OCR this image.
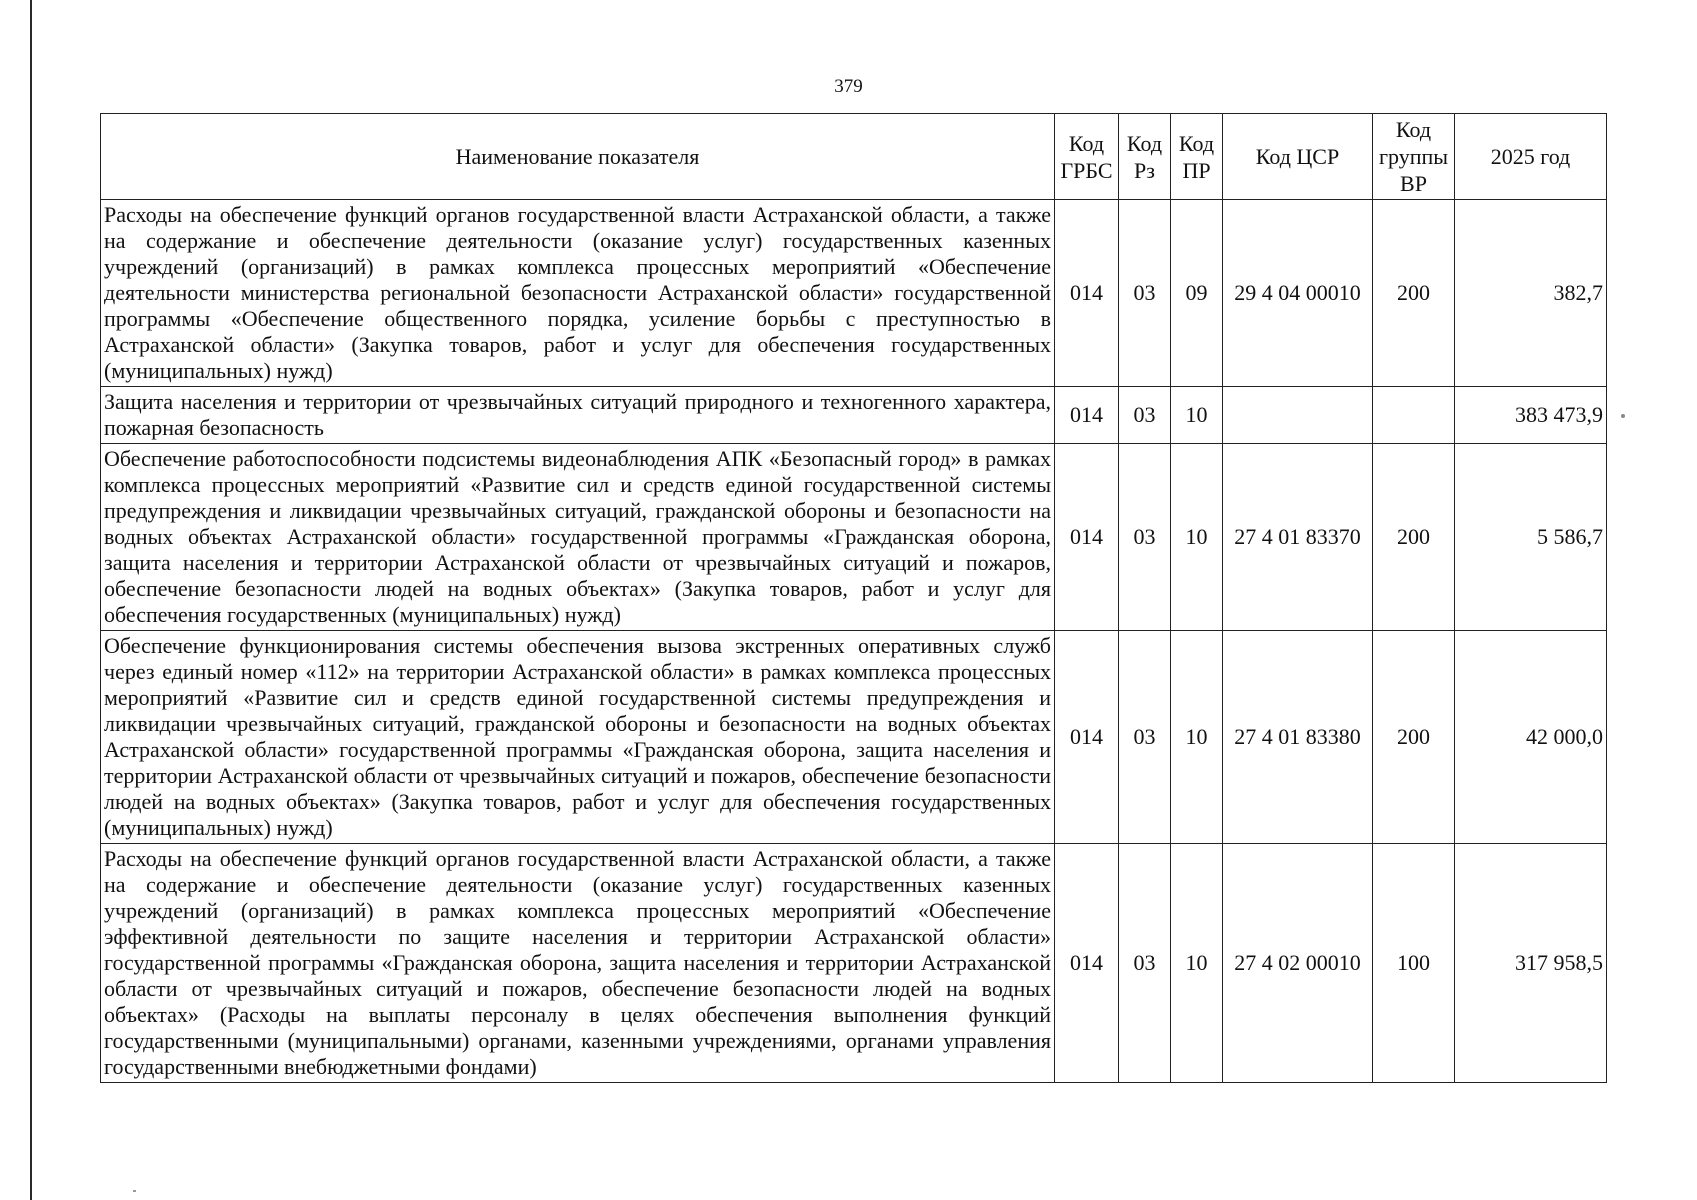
379
Наименование показателя	Код ГРБС	Код Рз	Код ПР	Код ЦСР	Код группы ВР	2025 год
Расходы на обеспечение функций органов государственной власти Астраханской области, а также на содержание и обеспечение деятельности (оказание услуг) государственных казенных учреждений (организаций) в рамках комплекса процессных мероприятий «Обеспечение деятельности министерства региональной безопасности Астраханской области» государственной программы «Обеспечение общественного порядка, усиление борьбы с преступностью в Астраханской области» (Закупка товаров, работ и услуг для обеспечения государственных (муниципальных) нужд)	014	03	09	29 4 04 00010	200	382,7
Защита населения и территории от чрезвычайных ситуаций природного и техногенного характера, пожарная безопасность	014	03	10			383 473,9
Обеспечение работоспособности подсистемы видеонаблюдения АПК «Безопасный город» в рамках комплекса процессных мероприятий «Развитие сил и средств единой государственной системы предупреждения и ликвидации чрезвычайных ситуаций, гражданской обороны и безопасности на водных объектах Астраханской области» государственной программы «Гражданская оборона, защита населения и территории Астраханской области от чрезвычайных ситуаций и пожаров, обеспечение безопасности людей на водных объектах» (Закупка товаров, работ и услуг для обеспечения государственных (муниципальных) нужд)	014	03	10	27 4 01 83370	200	5 586,7
Обеспечение функционирования системы обеспечения вызова экстренных оперативных служб через единый номер «112» на территории Астраханской области» в рамках комплекса процессных мероприятий «Развитие сил и средств единой государственной системы предупреждения и ликвидации чрезвычайных ситуаций, гражданской обороны и безопасности на водных объектах Астраханской области» государственной программы «Гражданская оборона, защита населения и территории Астраханской области от чрезвычайных ситуаций и пожаров, обеспечение безопасности людей на водных объектах» (Закупка товаров, работ и услуг для обеспечения государственных (муниципальных) нужд)	014	03	10	27 4 01 83380	200	42 000,0
Расходы на обеспечение функций органов государственной власти Астраханской области, а также на содержание и обеспечение деятельности (оказание услуг) государственных казенных учреждений (организаций) в рамках комплекса процессных мероприятий «Обеспечение эффективной деятельности по защите населения и территории Астраханской области» государственной программы «Гражданская оборона, защита населения и территории Астраханской области от чрезвычайных ситуаций и пожаров, обеспечение безопасности людей на водных объектах» (Расходы на выплаты персоналу в целях обеспечения выполнения функций государственными (муниципальными) органами, казенными учреждениями, органами управления государственными внебюджетными фондами)	014	03	10	27 4 02 00010	100	317 958,5
